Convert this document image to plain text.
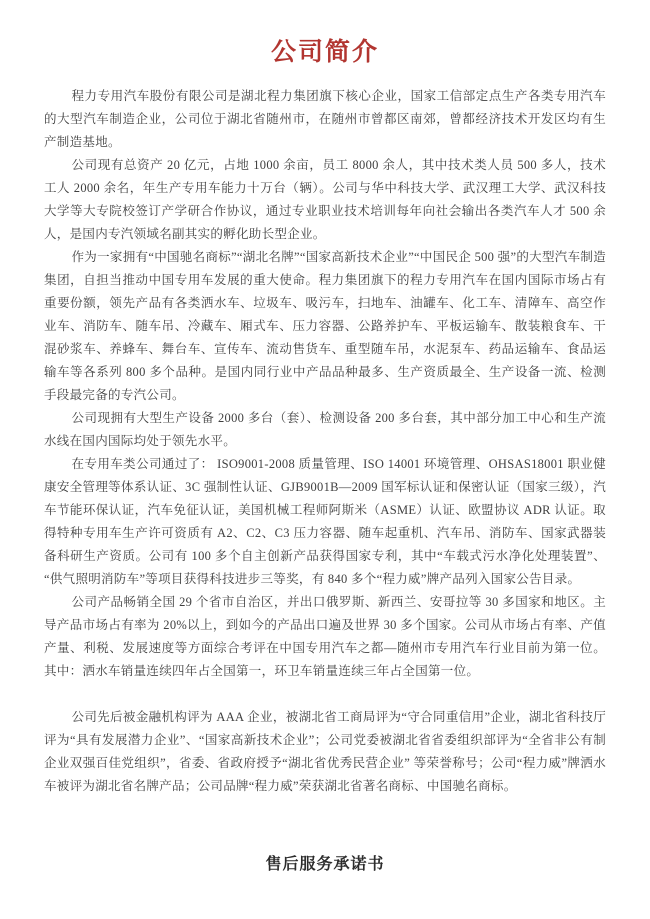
公司简介

程力专用汽车股份有限公司是湖北程力集团旗下核心企业，国家工信部定点生产各类专用汽车的大型汽车制造企业，公司位于湖北省随州市，在随州市曾都区南郊，曾都经济技术开发区均有生产制造基地。

公司现有总资产 20 亿元，占地 1000 余亩，员工 8000 余人，其中技术类人员 500 多人，技术工人 2000 余名，年生产专用车能力十万台（辆）。公司与华中科技大学、武汉理工大学、武汉科技大学等大专院校签订产学研合作协议，通过专业职业技术培训每年向社会输出各类汽车人才 500 余人，是国内专汽领域名副其实的孵化助长型企业。

作为一家拥有“中国驰名商标”“湖北名牌”“国家高新技术企业”“中国民企 500 强”的大型汽车制造集团，自担当推动中国专用车发展的重大使命。程力集团旗下的程力专用汽车在国内国际市场占有重要份额，领先产品有各类洒水车、垃圾车、吸污车，扫地车、油罐车、化工车、清障车、高空作业车、消防车、随车吊、冷藏车、厢式车、压力容器、公路养护车、平板运输车、散装粮食车、干混砂浆车、养蜂车、舞台车、宣传车、流动售货车、重型随车吊，水泥泵车、药品运输车、食品运输车等各系列 800 多个品种。是国内同行业中产品品种最多、生产资质最全、生产设备一流、检测手段最完备的专汽公司。

公司现拥有大型生产设备 2000 多台（套）、检测设备 200 多台套，其中部分加工中心和生产流水线在国内国际均处于领先水平。

在专用车类公司通过了： ISO9001-2008 质量管理、ISO 14001 环境管理、OHSAS18001 职业健康安全管理等体系认证、3C 强制性认证、GJB9001B—2009 国军标认证和保密认证（国家三级），汽车节能环保认证，汽车免征认证，美国机械工程师阿斯米（ASME）认证、欧盟协议 ADR 认证。取得特种专用车生产许可资质有 A2、C2、C3 压力容器、随车起重机、汽车吊、消防车、国家武器装备科研生产资质。公司有 100 多个自主创新产品获得国家专利，其中“车载式污水净化处理装置”、“供气照明消防车”等项目获得科技进步三等奖，有 840 多个“程力威”牌产品列入国家公告目录。

公司产品畅销全国 29 个省市自治区，并出口俄罗斯、新西兰、安哥拉等 30 多国家和地区。主导产品市场占有率为 20%以上，到如今的产品出口遍及世界 30 多个国家。公司从市场占有率、产值产量、利税、发展速度等方面综合考评在中国专用汽车之都—随州市专用汽车行业目前为第一位。其中：洒水车销量连续四年占全国第一，环卫车销量连续三年占全国第一位。

公司先后被金融机构评为 AAA 企业，被湖北省工商局评为“守合同重信用”企业，湖北省科技厅评为“具有发展潜力企业”、“国家高新技术企业”；公司党委被湖北省省委组织部评为“全省非公有制企业双强百佳党组织”，省委、省政府授予“湖北省优秀民营企业” 等荣誉称号；公司“程力威”牌洒水车被评为湖北省名牌产品；公司品牌“程力威”荣获湖北省著名商标、中国驰名商标。

售后服务承诺书
